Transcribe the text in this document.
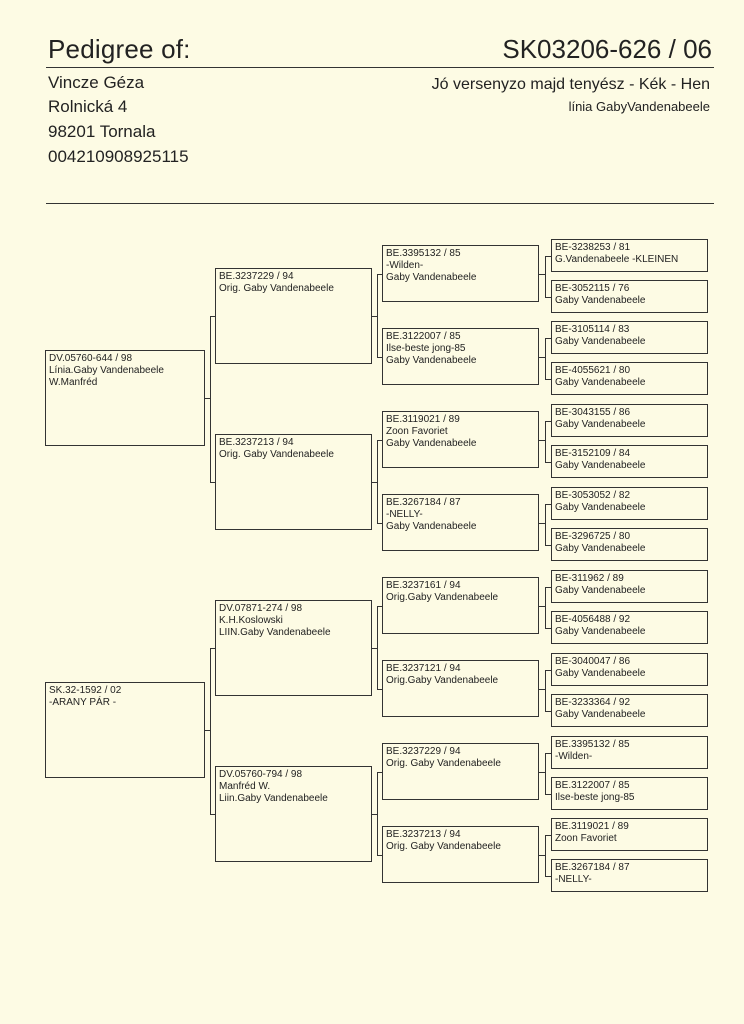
Pedigree of:	SK03206-626 / 06
Vincze Géza
Rolnická 4
98201 Tornala
004210908925115
Jó versenyzo majd tenyész - Kék - Hen
línia GabyVandenabeele
BE-3238253 / 81
G.Vandenabeele -KLEINEN
BE-3052115 / 76
Gaby Vandenabeele
BE-3105114 / 83
Gaby Vandenabeele
BE-4055621 / 80
Gaby Vandenabeele
BE-3043155 / 86
Gaby Vandenabeele
BE-3152109 / 84
Gaby Vandenabeele
BE-3053052 / 82
Gaby Vandenabeele
BE-3296725 / 80
Gaby Vandenabeele
BE-311962 / 89
Gaby Vandenabeele
BE-4056488 / 92
Gaby Vandenabeele
BE-3040047 / 86
Gaby Vandenabeele
BE-3233364 / 92
Gaby Vandenabeele
BE.3395132 / 85
-Wilden-
BE.3122007 / 85
Ilse-beste jong-85
BE.3119021 / 89
Zoon Favoriet
BE.3267184 / 87
-NELLY-
BE.3395132 / 85
-Wilden-
Gaby Vandenabeele
BE.3122007 / 85
Ilse-beste jong-85
Gaby Vandenabeele
BE.3119021 / 89
Zoon Favoriet
Gaby Vandenabeele
BE.3267184 / 87
-NELLY-
Gaby Vandenabeele
BE.3237161 / 94
Orig.Gaby Vandenabeele
BE.3237121 / 94
Orig.Gaby Vandenabeele
BE.3237229 / 94
Orig. Gaby Vandenabeele
BE.3237213 / 94
Orig. Gaby Vandenabeele
BE.3237229 / 94
Orig. Gaby Vandenabeele
BE.3237213 / 94
Orig. Gaby Vandenabeele
DV.07871-274 / 98
K.H.Koslowski
LIIN.Gaby Vandenabeele
DV.05760-794 / 98
Manfréd W.
Liin.Gaby Vandenabeele
DV.05760-644 / 98
Línia.Gaby Vandenabeele
W.Manfréd
SK.32-1592 / 02
-ARANY PÁR -
